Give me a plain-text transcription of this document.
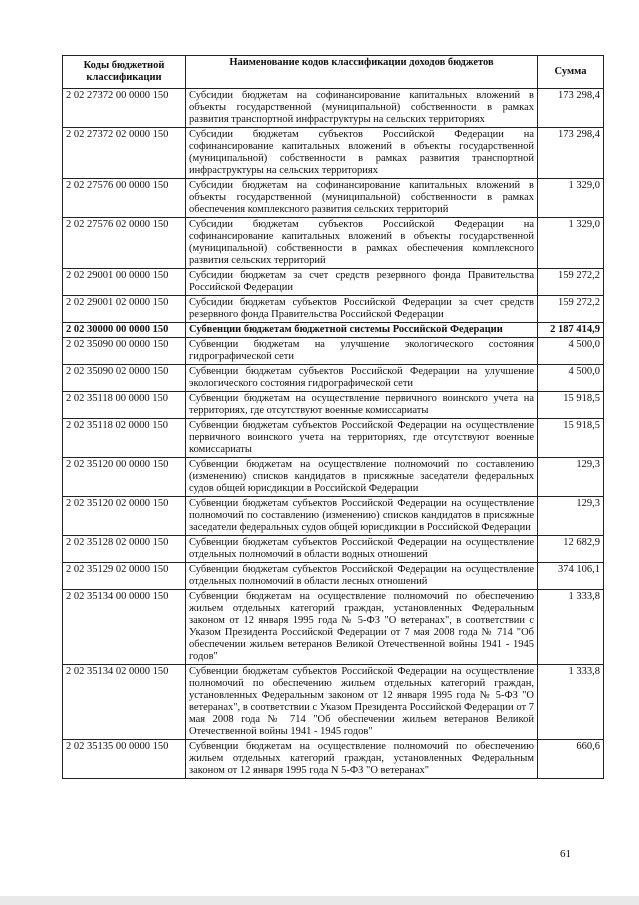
Коды бюджетной классификации	Наименование кодов классификации доходов бюджетов	Сумма
2 02 27372 00 0000 150	Субсидии бюджетам на софинансирование капитальных вложений в объекты государственной (муниципальной) собственности в рамках развития транспортной инфраструктуры на сельских территориях	173 298,4
2 02 27372 02 0000 150	Субсидии бюджетам субъектов Российской Федерации на софинансирование капитальных вложений в объекты государственной (муниципальной) собственности в рамках развития транспортной инфраструктуры на сельских территориях	173 298,4
2 02 27576 00 0000 150	Субсидии бюджетам на софинансирование капитальных вложений в объекты государственной (муниципальной) собственности в рамках обеспечения комплексного развития сельских территорий	1 329,0
2 02 27576 02 0000 150	Субсидии бюджетам субъектов Российской Федерации на софинансирование капитальных вложений в объекты государственной (муниципальной) собственности в рамках обеспечения комплексного развития сельских территорий	1 329,0
2 02 29001 00 0000 150	Субсидии бюджетам за счет средств резервного фонда Правительства Российской Федерации	159 272,2
2 02 29001 02 0000 150	Субсидии бюджетам субъектов Российской Федерации за счет средств резервного фонда Правительства Российской Федерации	159 272,2
2 02 30000 00 0000 150	Субвенции бюджетам бюджетной системы Российской Федерации	2 187 414,9
2 02 35090 00 0000 150	Субвенции бюджетам на улучшение экологического состояния гидрографической сети	4 500,0
2 02 35090 02 0000 150	Субвенции бюджетам субъектов Российской Федерации на улучшение экологического состояния гидрографической сети	4 500,0
2 02 35118 00 0000 150	Субвенции бюджетам на осуществление первичного воинского учета на территориях, где отсутствуют военные комиссариаты	15 918,5
2 02 35118 02 0000 150	Субвенции бюджетам субъектов Российской Федерации на осуществление первичного воинского учета на территориях, где отсутствуют военные комиссариаты	15 918,5
2 02 35120 00 0000 150	Субвенции бюджетам на осуществление полномочий по составлению (изменению) списков кандидатов в присяжные заседатели федеральных судов общей юрисдикции в Российской Федерации	129,3
2 02 35120 02 0000 150	Субвенции бюджетам субъектов Российской Федерации на осуществление полномочий по составлению (изменению) списков кандидатов в присяжные заседатели федеральных судов общей юрисдикции в Российской Федерации	129,3
2 02 35128 02 0000 150	Субвенции бюджетам субъектов Российской Федерации на осуществление отдельных полномочий в области водных отношений	12 682,9
2 02 35129 02 0000 150	Субвенции бюджетам субъектов Российской Федерации на осуществление отдельных полномочий в области лесных отношений	374 106,1
2 02 35134 00 0000 150	Субвенции бюджетам на осуществление полномочий по обеспечению жильем отдельных категорий граждан, установленных Федеральным законом от 12 января 1995 года № 5-ФЗ "О ветеранах", в соответствии с Указом Президента Российской Федерации от 7 мая 2008 года № 714 "Об обеспечении жильем ветеранов Великой Отечественной войны 1941 - 1945 годов"	1 333,8
2 02 35134 02 0000 150	Субвенции бюджетам субъектов Российской Федерации на осуществление полномочий по обеспечению жильем отдельных категорий граждан, установленных Федеральным законом от 12 января 1995 года № 5-ФЗ "О ветеранах", в соответствии с Указом Президента Российской Федерации от 7 мая 2008 года № 714 "Об обеспечении жильем ветеранов Великой Отечественной войны 1941 - 1945 годов"	1 333,8
2 02 35135 00 0000 150	Субвенции бюджетам на осуществление полномочий по обеспечению жильем отдельных категорий граждан, установленных Федеральным законом от 12 января 1995 года N 5-ФЗ "О ветеранах"	660,6
61
